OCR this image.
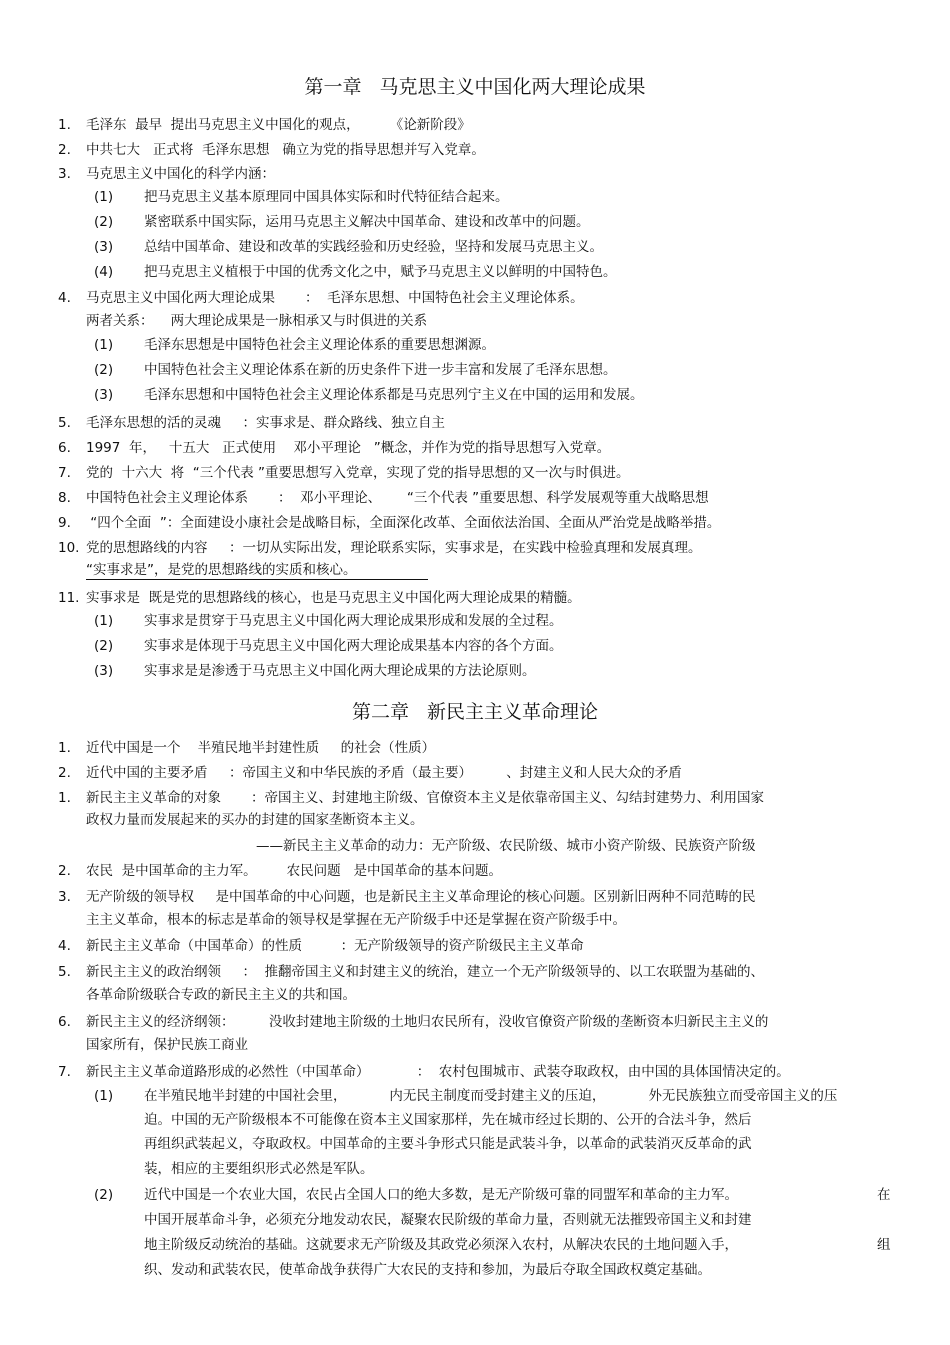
第一章   马克思主义中国化两大理论成果
1. 毛泽东  最早  提出马克思主义中国化的观点，       《论新阶段》
2. 中共七大   正式将  毛泽东思想   确立为党的指导思想并写入党章。
3. 马克思主义中国化的科学内涵：
(1) 把马克思主义基本原理同中国具体实际和时代特征结合起来。
(2) 紧密联系中国实际，运用马克思主义解决中国革命、建设和改革中的问题。
(3) 总结中国革命、建设和改革的实践经验和历史经验，坚持和发展马克思主义。
(4) 把马克思主义植根于中国的优秀文化之中，赋予马克思主义以鲜明的中国特色。
4. 马克思主义中国化两大理论成果       ：  毛泽东思想、中国特色社会主义理论体系。
两者关系：    两大理论成果是一脉相承又与时俱进的关系
(1) 毛泽东思想是中国特色社会主义理论体系的重要思想渊源。
(2) 中国特色社会主义理论体系在新的历史条件下进一步丰富和发展了毛泽东思想。
(3) 毛泽东思想和中国特色社会主义理论体系都是马克思列宁主义在中国的运用和发展。
5. 毛泽东思想的活的灵魂     ：实事求是、群众路线、独立自主
6. 1997  年，   十五大   正式使用    邓小平理论   ”概念，并作为党的指导思想写入党章。
7. 党的  十六大  将  “三个代表 ”重要思想写入党章，实现了党的指导思想的又一次与时俱进。
8. 中国特色社会主义理论体系       ：  邓小平理论、      “三个代表 ”重要思想、科学发展观等重大战略思想
9. “四个全面  ”：全面建设小康社会是战略目标，全面深化改革、全面依法治国、全面从严治党是战略举措。
10. 党的思想路线的内容     ：一切从实际出发，理论联系实际，实事求是，在实践中检验真理和发展真理。
“实事求是”，是党的思想路线的实质和核心。
11. 实事求是  既是党的思想路线的核心，也是马克思主义中国化两大理论成果的精髓。
(1) 实事求是贯穿于马克思主义中国化两大理论成果形成和发展的全过程。
(2) 实事求是体现于马克思主义中国化两大理论成果基本内容的各个方面。
(3) 实事求是是渗透于马克思主义中国化两大理论成果的方法论原则。
第二章   新民主主义革命理论
1. 近代中国是一个    半殖民地半封建性质     的社会（性质）
2. 近代中国的主要矛盾     ：帝国主义和中华民族的矛盾（最主要）        、封建主义和人民大众的矛盾
1. 新民主主义革命的对象       ：帝国主义、封建地主阶级、官僚资本主义是依靠帝国主义、勾结封建势力、利用国家
政权力量而发展起来的买办的封建的国家垄断资本主义。
——新民主主义革命的动力：无产阶级、农民阶级、城市小资产阶级、民族资产阶级
2. 农民  是中国革命的主力军。       农民问题   是中国革命的基本问题。
3. 无产阶级的领导权     是中国革命的中心问题，也是新民主主义革命理论的核心问题。区别新旧两种不同范畴的民
主主义革命，根本的标志是革命的领导权是掌握在无产阶级手中还是掌握在资产阶级手中。
4. 新民主主义革命（中国革命）的性质         ：无产阶级领导的资产阶级民主主义革命
5. 新民主主义的政治纲领     ：  推翻帝国主义和封建主义的统治，建立一个无产阶级领导的、以工农联盟为基础的、
各革命阶级联合专政的新民主主义的共和国。
6. 新民主主义的经济纲领：        没收封建地主阶级的土地归农民所有，没收官僚资产阶级的垄断资本归新民主主义的
国家所有，保护民族工商业
7. 新民主主义革命道路形成的必然性（中国革命）           ：  农村包围城市、武装夺取政权，由中国的具体国情决定的。
(1) 在半殖民地半封建的中国社会里，          内无民主制度而受封建主义的压迫，          外无民族独立而受帝国主义的压
迫。中国的无产阶级根本不可能像在资本主义国家那样，先在城市经过长期的、公开的合法斗争，然后
再组织武装起义，夺取政权。中国革命的主要斗争形式只能是武装斗争，以革命的武装消灭反革命的武
装，相应的主要组织形式必然是军队。
(2) 近代中国是一个农业大国，农民占全国人口的绝大多数，是无产阶级可靠的同盟军和革命的主力军。	在
中国开展革命斗争，必须充分地发动农民，凝聚农民阶级的革命力量，否则就无法摧毁帝国主义和封建
地主阶级反动统治的基础。这就要求无产阶级及其政党必须深入农村，从解决农民的土地问题入手，	组
织、发动和武装农民，使革命战争获得广大农民的支持和参加，为最后夺取全国政权奠定基础。
